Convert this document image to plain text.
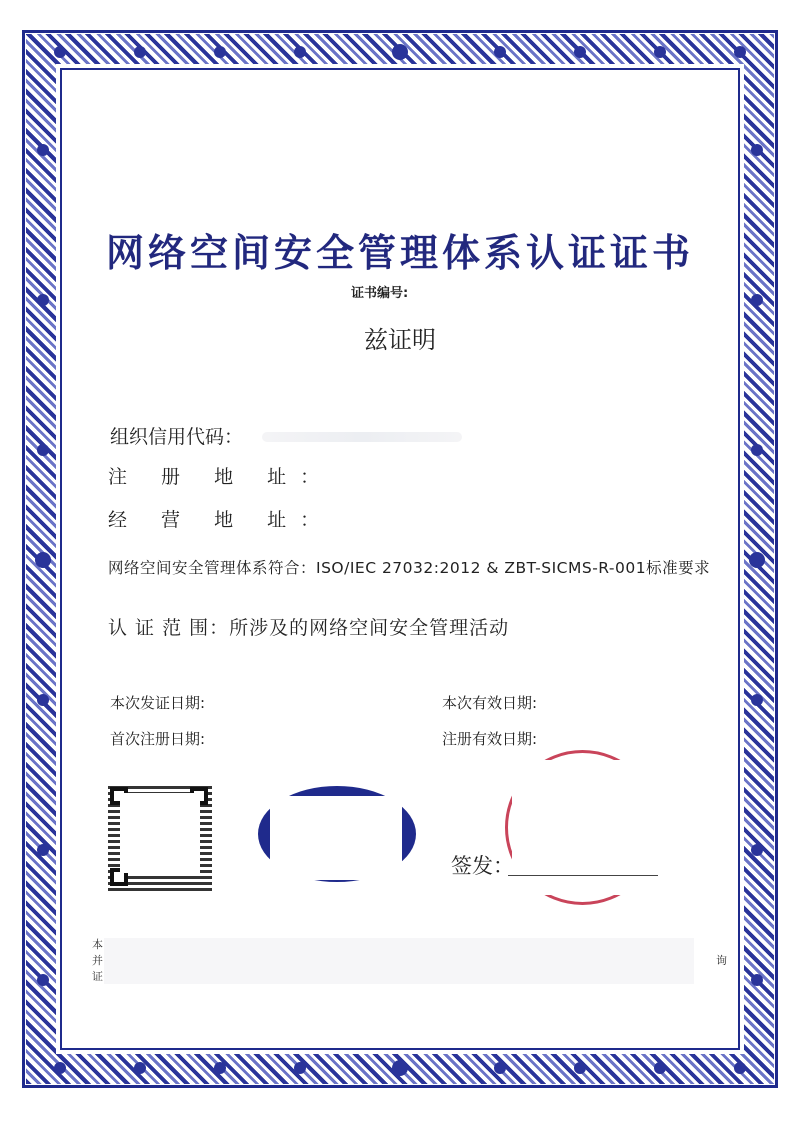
网络空间安全管理体系认证证书
证书编号:
兹证明
组织信用代码：
注 册 地 址：
经 营 地 址：
网络空间安全管理体系符合：ISO/IEC 27032:2012 & ZBT-SICMS-R-001标准要求
认 证 范 围：所涉及的网络空间安全管理活动
本次发证日期:	本次有效日期:
首次注册日期:	注册有效日期:
签发：
本
并
证
询
